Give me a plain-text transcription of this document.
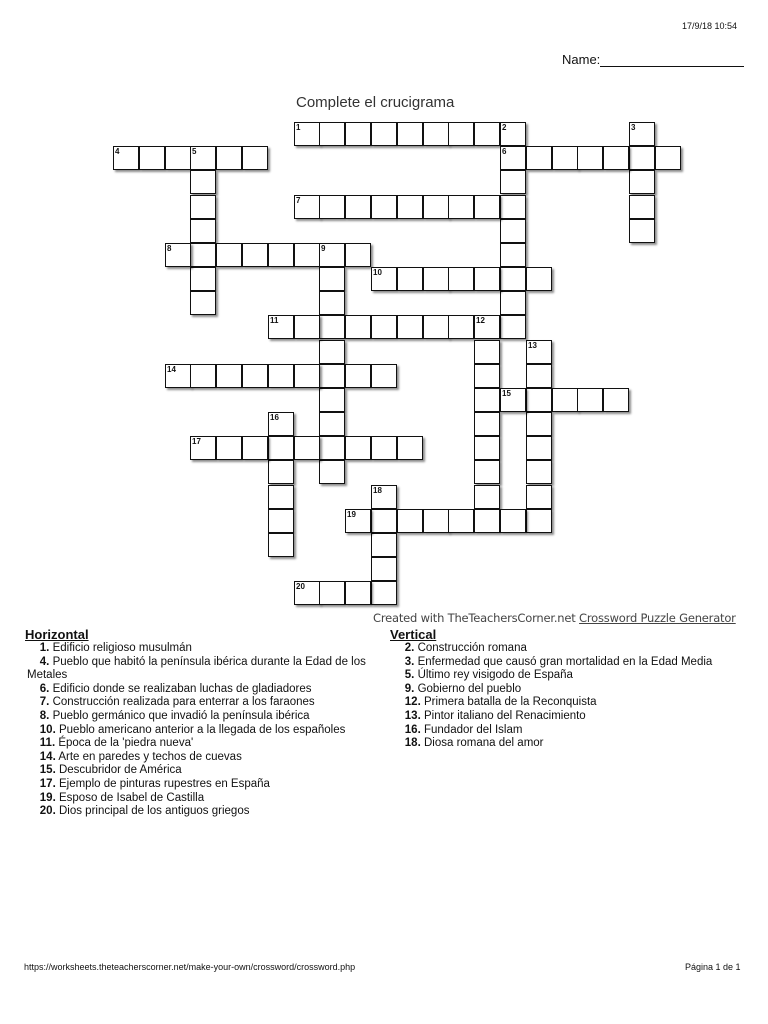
17/9/18 10:54
Name:
Complete el crucigrama
1	2
6
3
4	5
7
8	9
10
11	12
13
14
15
16
17
18
19
20
Created with TheTeachersCorner.net Crossword Puzzle Generator
Horizontal	Vertical
1. Edificio religioso musulmán
4. Pueblo que habitó la península ibérica durante la Edad de los Metales
6. Edificio donde se realizaban luchas de gladiadores
7. Construcción realizada para enterrar a los faraones
8. Pueblo germánico que invadió la península ibérica
10. Pueblo americano anterior a la llegada de los españoles
11. Época de la 'piedra nueva'
14. Arte en paredes y techos de cuevas
15. Descubridor de América
17. Ejemplo de pinturas rupestres en España
19. Esposo de Isabel de Castilla
20. Dios principal de los antiguos griegos
2. Construcción romana
3. Enfermedad que causó gran mortalidad en la Edad Media
5. Último rey visigodo de España
9. Gobierno del pueblo
12. Primera batalla de la Reconquista
13. Pintor italiano del Renacimiento
16. Fundador del Islam
18. Diosa romana del amor
https://worksheets.theteacherscorner.net/make-your-own/crossword/crossword.php	Página 1 de 1
